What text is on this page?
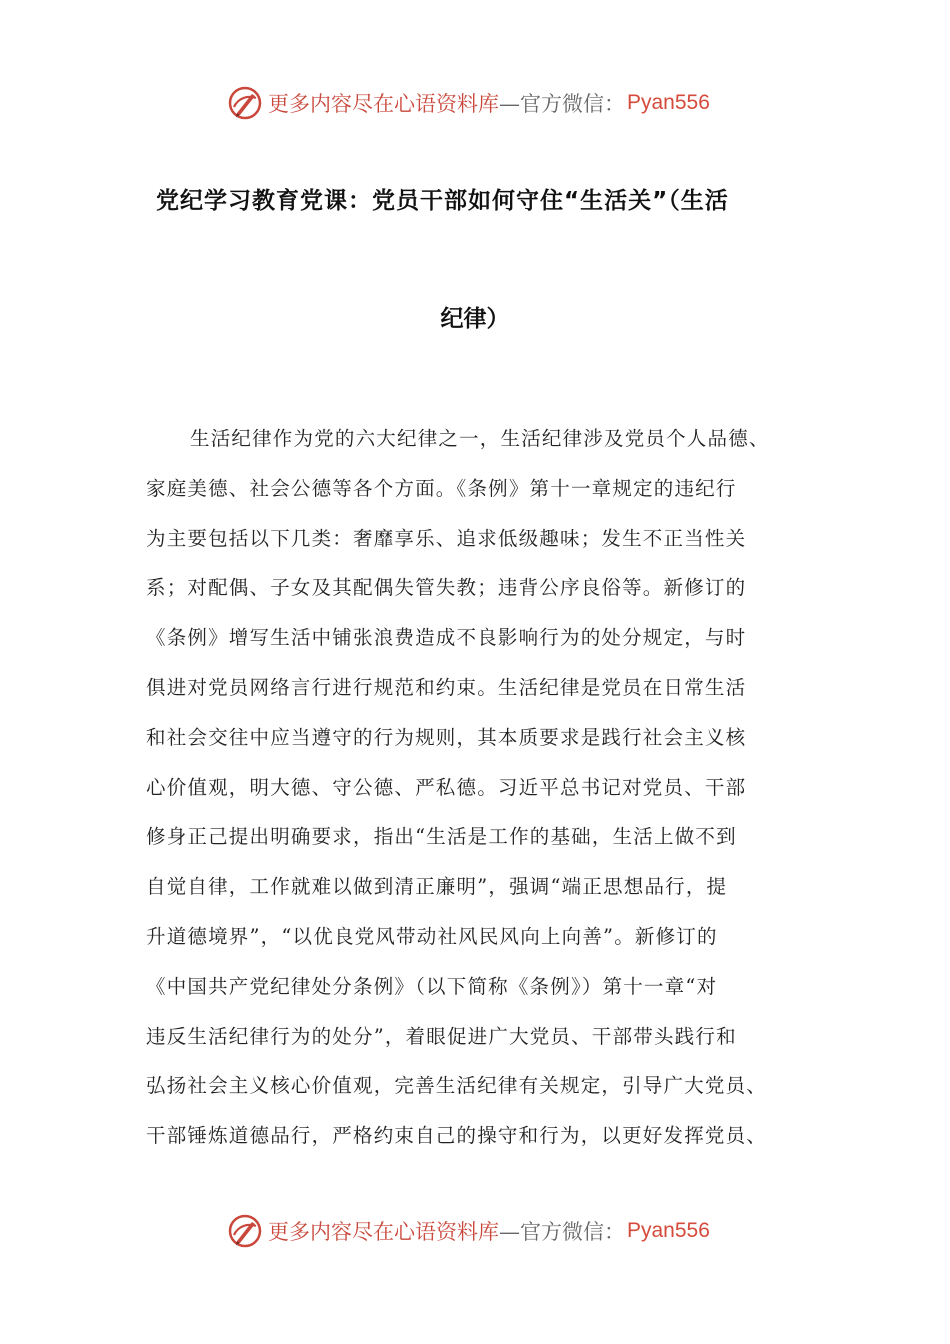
更多内容尽在心语资料库 —官方微信： Pyan556
党纪学习教育党课：党员干部如何守住“生活关”（生活
纪律）
生活纪律作为党的六大纪律之一，生活纪律涉及党员个人品德、
家庭美德、社会公德等各个方面。《条例》第十一章规定的违纪行
为主要包括以下几类：奢靡享乐、追求低级趣味；发生不正当性关
系；对配偶、子女及其配偶失管失教；违背公序良俗等。新修订的
《条例》增写生活中铺张浪费造成不良影响行为的处分规定，与时
俱进对党员网络言行进行规范和约束。生活纪律是党员在日常生活
和社会交往中应当遵守的行为规则，其本质要求是践行社会主义核
心价值观，明大德、守公德、严私德。习近平总书记对党员、干部
修身正己提出明确要求，指出“生活是工作的基础，生活上做不到
自觉自律，工作就难以做到清正廉明”，强调“端正思想品行，提
升道德境界”，“以优良党风带动社风民风向上向善”。新修订的
《中国共产党纪律处分条例》（以下简称《条例》）第十一章“对
违反生活纪律行为的处分”，着眼促进广大党员、干部带头践行和
弘扬社会主义核心价值观，完善生活纪律有关规定，引导广大党员、
干部锤炼道德品行，严格约束自己的操守和行为，以更好发挥党员、
更多内容尽在心语资料库 —官方微信： Pyan556
